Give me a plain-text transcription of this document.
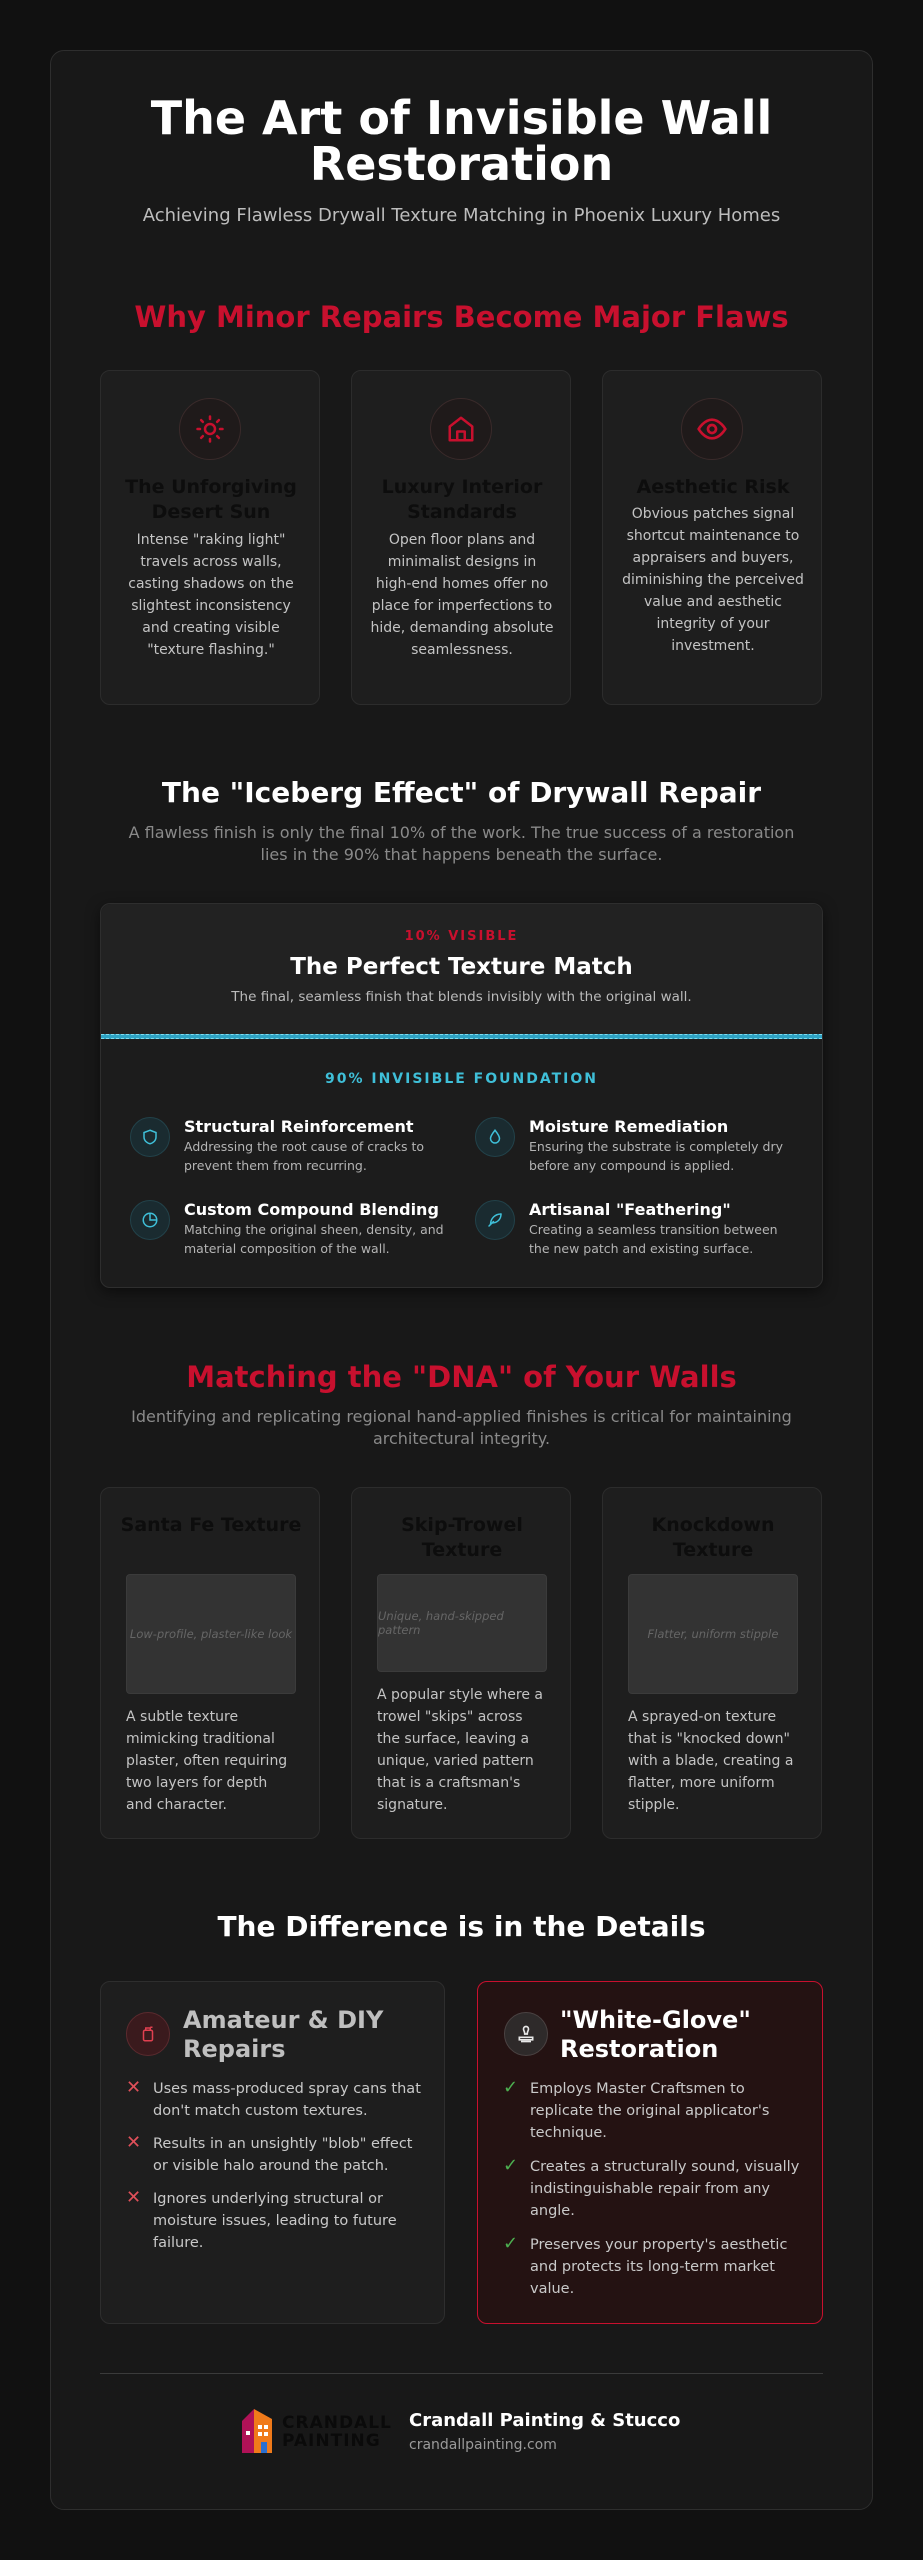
The Art of Invisible Wall
Restoration
Achieving Flawless Drywall Texture Matching in Phoenix Luxury Homes
Why Minor Repairs Become Major Flaws
The Unforgiving Desert Sun
Intense "raking light" travels across walls, casting shadows on the slightest inconsistency and creating visible "texture flashing."
Luxury Interior Standards
Open floor plans and minimalist designs in high-end homes offer no place for imperfections to hide, demanding absolute seamlessness.
Aesthetic Risk
Obvious patches signal shortcut maintenance to appraisers and buyers, diminishing the perceived value and aesthetic integrity of your investment.
The "Iceberg Effect" of Drywall Repair
A flawless finish is only the final 10% of the work. The true success of a restoration lies in the 90% that happens beneath the surface.
10% VISIBLE
The Perfect Texture Match
The final, seamless finish that blends invisibly with the original wall.
90% INVISIBLE FOUNDATION
Structural Reinforcement
Addressing the root cause of cracks to prevent them from recurring.
Moisture Remediation
Ensuring the substrate is completely dry before any compound is applied.
Custom Compound Blending
Matching the original sheen, density, and material composition of the wall.
Artisanal "Feathering"
Creating a seamless transition between the new patch and existing surface.
Matching the "DNA" of Your Walls
Identifying and replicating regional hand-applied finishes is critical for maintaining architectural integrity.
Santa Fe Texture
Low-profile, plaster-like look
A subtle texture mimicking traditional plaster, often requiring two layers for depth and character.
Skip-Trowel Texture
Unique, hand-skipped pattern
A popular style where a trowel "skips" across the surface, leaving a unique, varied pattern that is a craftsman's signature.
Knockdown Texture
Flatter, uniform stipple
A sprayed-on texture that is "knocked down" with a blade, creating a flatter, more uniform stipple.
The Difference is in the Details
Amateur & DIY Repairs
✕ Uses mass-produced spray cans that don't match custom textures.
✕ Results in an unsightly "blob" effect or visible halo around the patch.
✕ Ignores underlying structural or moisture issues, leading to future failure.
"White-Glove" Restoration
✓ Employs Master Craftsmen to replicate the original applicator's technique.
✓ Creates a structurally sound, visually indistinguishable repair from any angle.
✓ Preserves your property's aesthetic and protects its long-term market value.
CRANDALL
PAINTING
Crandall Painting & Stucco
crandallpainting.com
